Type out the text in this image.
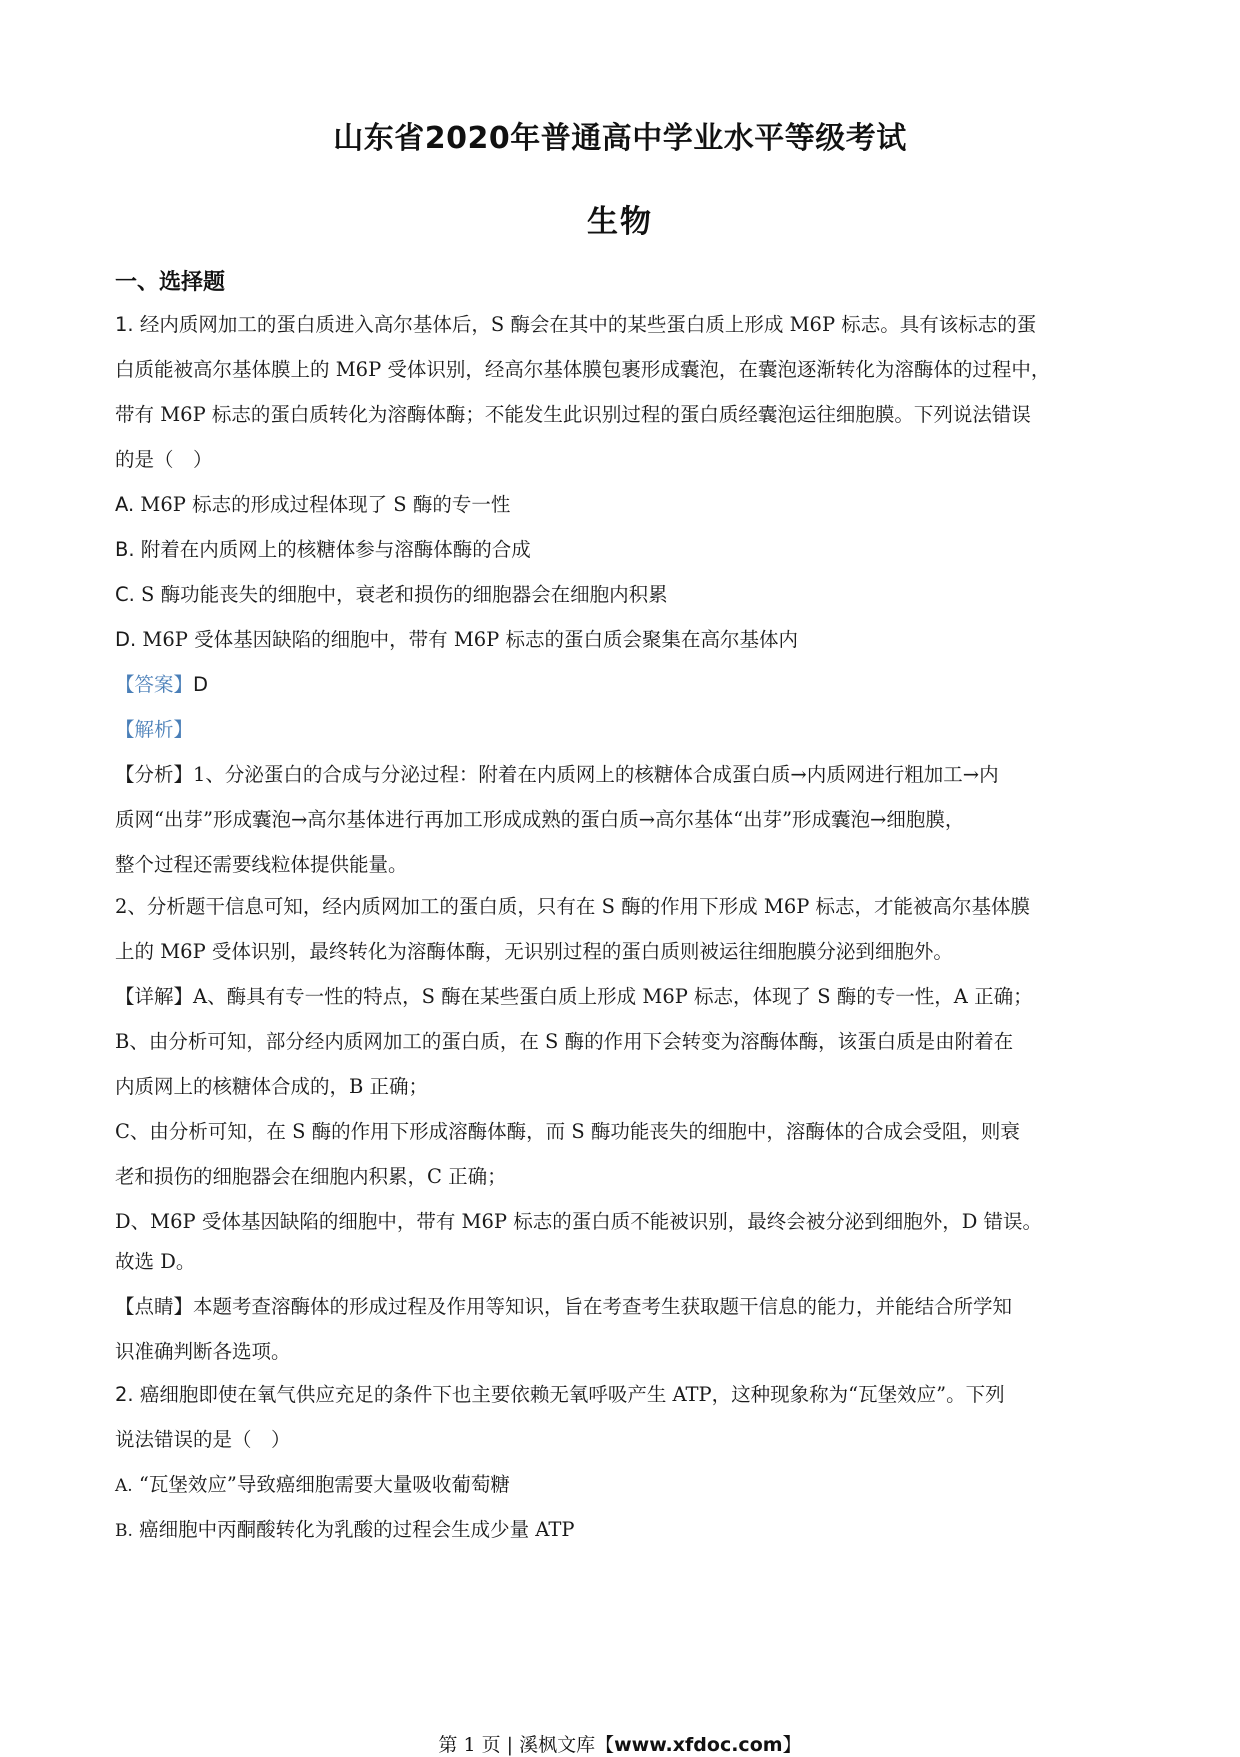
山东省2020年普通高中学业水平等级考试
生物
一、选择题
1. 经内质网加工的蛋白质进入高尔基体后，S 酶会在其中的某些蛋白质上形成 M6P 标志。具有该标志的蛋
白质能被高尔基体膜上的 M6P 受体识别，经高尔基体膜包裹形成囊泡，在囊泡逐渐转化为溶酶体的过程中，
带有 M6P 标志的蛋白质转化为溶酶体酶；不能发生此识别过程的蛋白质经囊泡运往细胞膜。下列说法错误
的是（　）
A. M6P 标志的形成过程体现了 S 酶的专一性
B. 附着在内质网上的核糖体参与溶酶体酶的合成
C. S 酶功能丧失的细胞中，衰老和损伤的细胞器会在细胞内积累
D. M6P 受体基因缺陷的细胞中，带有 M6P 标志的蛋白质会聚集在高尔基体内
【答案】D
【解析】
【分析】1、分泌蛋白的合成与分泌过程：附着在内质网上的核糖体合成蛋白质→内质网进行粗加工→内
质网“出芽”形成囊泡→高尔基体进行再加工形成成熟的蛋白质→高尔基体“出芽”形成囊泡→细胞膜，
整个过程还需要线粒体提供能量。
2、分析题干信息可知，经内质网加工的蛋白质，只有在 S 酶的作用下形成 M6P 标志，才能被高尔基体膜
上的 M6P 受体识别，最终转化为溶酶体酶，无识别过程的蛋白质则被运往细胞膜分泌到细胞外。
【详解】A、酶具有专一性的特点，S 酶在某些蛋白质上形成 M6P 标志，体现了 S 酶的专一性，A 正确；
B、由分析可知，部分经内质网加工的蛋白质，在 S 酶的作用下会转变为溶酶体酶，该蛋白质是由附着在
内质网上的核糖体合成的，B 正确；
C、由分析可知，在 S 酶的作用下形成溶酶体酶，而 S 酶功能丧失的细胞中，溶酶体的合成会受阻，则衰
老和损伤的细胞器会在细胞内积累，C 正确；
D、M6P 受体基因缺陷的细胞中，带有 M6P 标志的蛋白质不能被识别，最终会被分泌到细胞外，D 错误。
故选 D。
【点睛】本题考查溶酶体的形成过程及作用等知识，旨在考查考生获取题干信息的能力，并能结合所学知
识准确判断各选项。
2. 癌细胞即使在氧气供应充足的条件下也主要依赖无氧呼吸产生 ATP，这种现象称为“瓦堡效应”。下列
说法错误的是（　）
A. “瓦堡效应”导致癌细胞需要大量吸收葡萄糖
B. 癌细胞中丙酮酸转化为乳酸的过程会生成少量 ATP
第 1 页 | 溪枫文库【www.xfdoc.com】
